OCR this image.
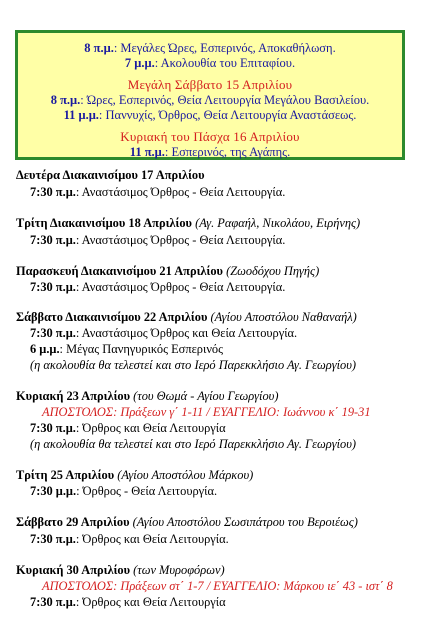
8 π.μ.: Μεγάλες Ώρες, Εσπερινός, Αποκαθήλωση.
7 μ.μ.: Ακολουθία του Επιταφίου.
Μεγάλη Σάββατο 15 Απριλίου
8 π.μ.: Ώρες, Εσπερινός, Θεία Λειτουργία Μεγάλου Βασιλείου.
11 μ.μ.: Παννυχίς, Όρθρος, Θεία Λειτουργία Αναστάσεως.
Κυριακή του Πάσχα 16 Απριλίου
11 π.μ.: Εσπερινός, της Αγάπης.
Δευτέρα Διακαινισίμου 17 Απριλίου
7:30 π.μ.: Αναστάσιμος Όρθρος - Θεία Λειτουργία.
Τρίτη Διακαινισίμου 18 Απριλίου (Αγ. Ραφαήλ, Νικολάου, Ειρήνης)
7:30 π.μ.: Αναστάσιμος Όρθρος - Θεία Λειτουργία.
Παρασκευή Διακαινισίμου 21 Απριλίου (Ζωοδόχου Πηγής)
7:30 π.μ.: Αναστάσιμος Όρθρος - Θεία Λειτουργία.
Σάββατο Διακαινισίμου 22 Απριλίου (Αγίου Αποστόλου Ναθαναήλ)
7:30 π.μ.: Αναστάσιμος Όρθρος και Θεία Λειτουργία.
6 μ.μ.: Μέγας Πανηγυρικός Εσπερινός
(η ακολουθία θα τελεστεί και στο Ιερό Παρεκκλήσιο Αγ. Γεωργίου)
Κυριακή 23 Απριλίου (του Θωμά - Αγίου Γεωργίου)
ΑΠΟΣΤΟΛΟΣ: Πράξεων γ΄ 1-11 / ΕΥΑΓΓΕΛΙΟ: Ιωάννου κ΄ 19-31
7:30 π.μ.: Όρθρος και Θεία Λειτουργία
(η ακολουθία θα τελεστεί και στο Ιερό Παρεκκλήσιο Αγ. Γεωργίου)
Τρίτη 25 Απριλίου (Αγίου Αποστόλου Μάρκου)
7:30 μ.μ.: Όρθρος - Θεία Λειτουργία.
Σάββατο 29 Απριλίου (Αγίου Αποστόλου Σωσιπάτρου του Βεροιέως)
7:30 π.μ.: Όρθρος και Θεία Λειτουργία.
Κυριακή 30 Απριλίου (των Μυροφόρων)
ΑΠΟΣΤΟΛΟΣ: Πράξεων στ΄ 1-7 / ΕΥΑΓΓΕΛΙΟ: Μάρκου ιε΄ 43 - ιστ΄ 8
7:30 π.μ.: Όρθρος και Θεία Λειτουργία
